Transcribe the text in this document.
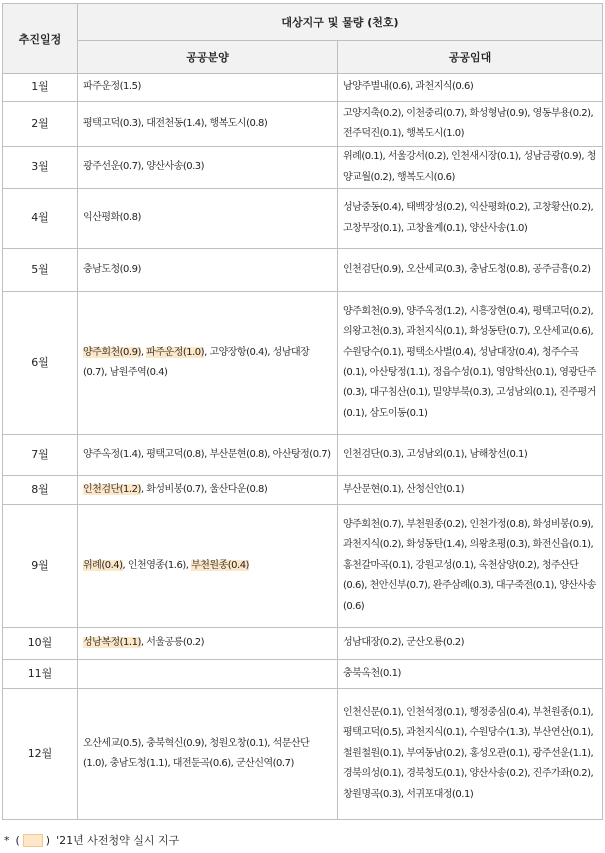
추진일정	대상지구 및 물량 (천호)	
	공공분양	공공임대
1월	파주운정(1.5)	남양주별내(0.6), 과천지식(0.6)
2월	평택고덕(0.3), 대전천동(1.4), 행복도시(0.8)	고양지축(0.2), 이천중리(0.7), 화성형남(0.9), 영동부용(0.2), 전주덕진(0.1), 행복도시(1.0)
3월	광주선운(0.7), 양산사송(0.3)	위례(0.1), 서울강서(0.2), 인천새시장(0.1), 성남금광(0.9), 청양교월(0.2), 행복도시(0.6)
4월	익산평화(0.8)	성남중동(0.4), 태백장성(0.2), 익산평화(0.2), 고창황산(0.2), 고창무장(0.1), 고창율계(0.1), 양산사송(1.0)
5월	충남도청(0.9)	인천검단(0.9), 오산세교(0.3), 충남도청(0.8), 공주금흥(0.2)
6월	양주회천(0.9), 파주운정(1.0), 고양장항(0.4), 성남대장(0.7), 남원주역(0.4)	양주회천(0.9), 양주옥정(1.2), 시흥장현(0.4), 평택고덕(0.2), 의왕고천(0.3), 과천지식(0.1), 화성동탄(0.7), 오산세교(0.6), 수원당수(0.1), 평택소사벌(0.4), 성남대장(0.4), 청주수곡(0.1), 아산탕정(1.1), 정읍수성(0.1), 영암학산(0.1), 영광단주(0.3), 대구침산(0.1), 밀양부북(0.3), 고성남외(0.1), 진주평거(0.1), 삼도이동(0.1)
7월	양주옥정(1.4), 평택고덕(0.8), 부산문현(0.8), 아산탕정(0.7)	인천검단(0.3), 고성남외(0.1), 남해창선(0.1)
8월	인천검단(1.2), 화성비봉(0.7), 울산다운(0.8)	부산문현(0.1), 산청신안(0.1)
9월	위례(0.4), 인천영종(1.6), 부천원종(0.4)	양주회천(0.7), 부천원종(0.2), 인천가정(0.8), 화성비봉(0.9), 과천지식(0.2), 화성동탄(1.4), 의왕초평(0.3), 화전신읍(0.1), 홍천갈마곡(0.1), 강원고성(0.1), 옥천삼양(0.2), 청주산단(0.6), 천안신부(0.7), 완주삼례(0.3), 대구죽전(0.1), 양산사송(0.6)
10월	성남복정(1.1), 서울공릉(0.2)	성남대장(0.2), 군산오룡(0.2)
11월		충북옥천(0.1)
12월	오산세교(0.5), 충북혁신(0.9), 청원오창(0.1), 석문산단(1.0), 충남도청(1.1), 대전둔곡(0.6), 군산신역(0.7)	인천신문(0.1), 인천석정(0.1), 행정중심(0.4), 부천원종(0.1), 평택고덕(0.5), 과천지식(0.1), 수원당수(1.3), 부산연산(0.1), 철원철원(0.1), 부여동남(0.2), 홍성오관(0.1), 광주선운(1.1), 경북의성(0.1), 경북청도(0.1), 양산사송(0.2), 진주가좌(0.2), 창원명곡(0.3), 서귀포대정(0.1)
* ( ) '21년 사전청약 실시 지구
